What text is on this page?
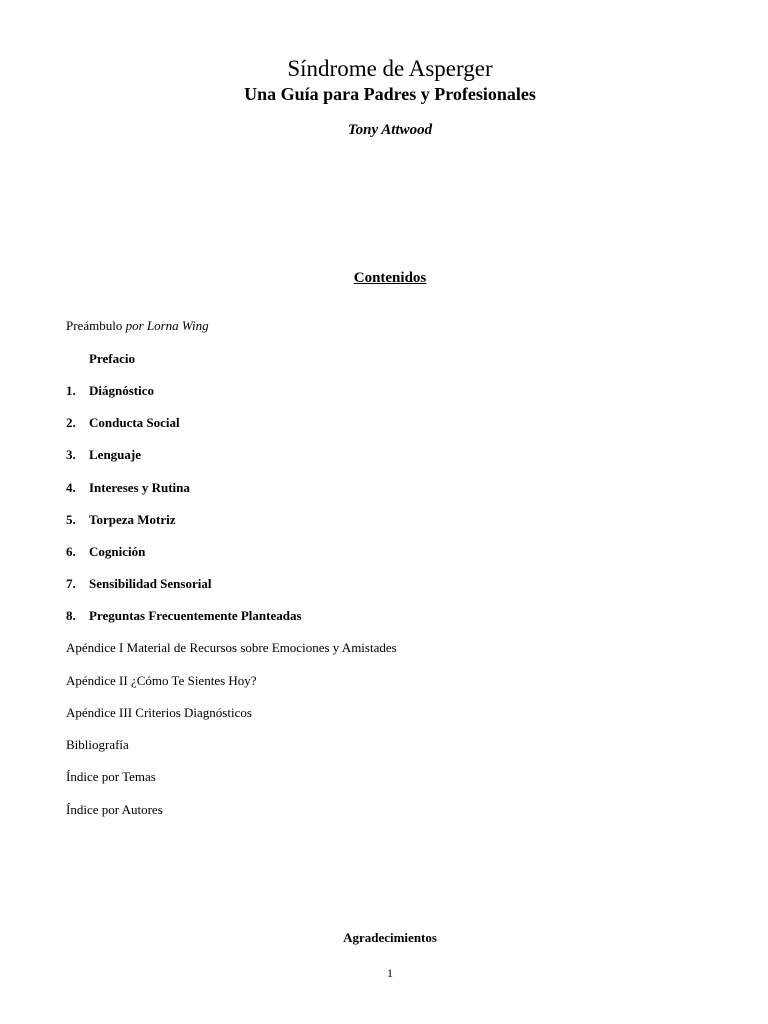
Síndrome de Asperger
Una Guía para Padres y Profesionales
Tony Attwood
Contenidos
Preámbulo por Lorna Wing
Prefacio
1. Diágnóstico
2. Conducta Social
3. Lenguaje
4. Intereses y Rutina
5. Torpeza Motriz
6. Cognición
7. Sensibilidad Sensorial
8. Preguntas Frecuentemente Planteadas
Apéndice I Material de Recursos sobre Emociones y Amistades
Apéndice II ¿Cómo Te Sientes Hoy?
Apéndice III Criterios Diagnósticos
Bibliografía
Índice por Temas
Índice por Autores
Agradecimientos
1
